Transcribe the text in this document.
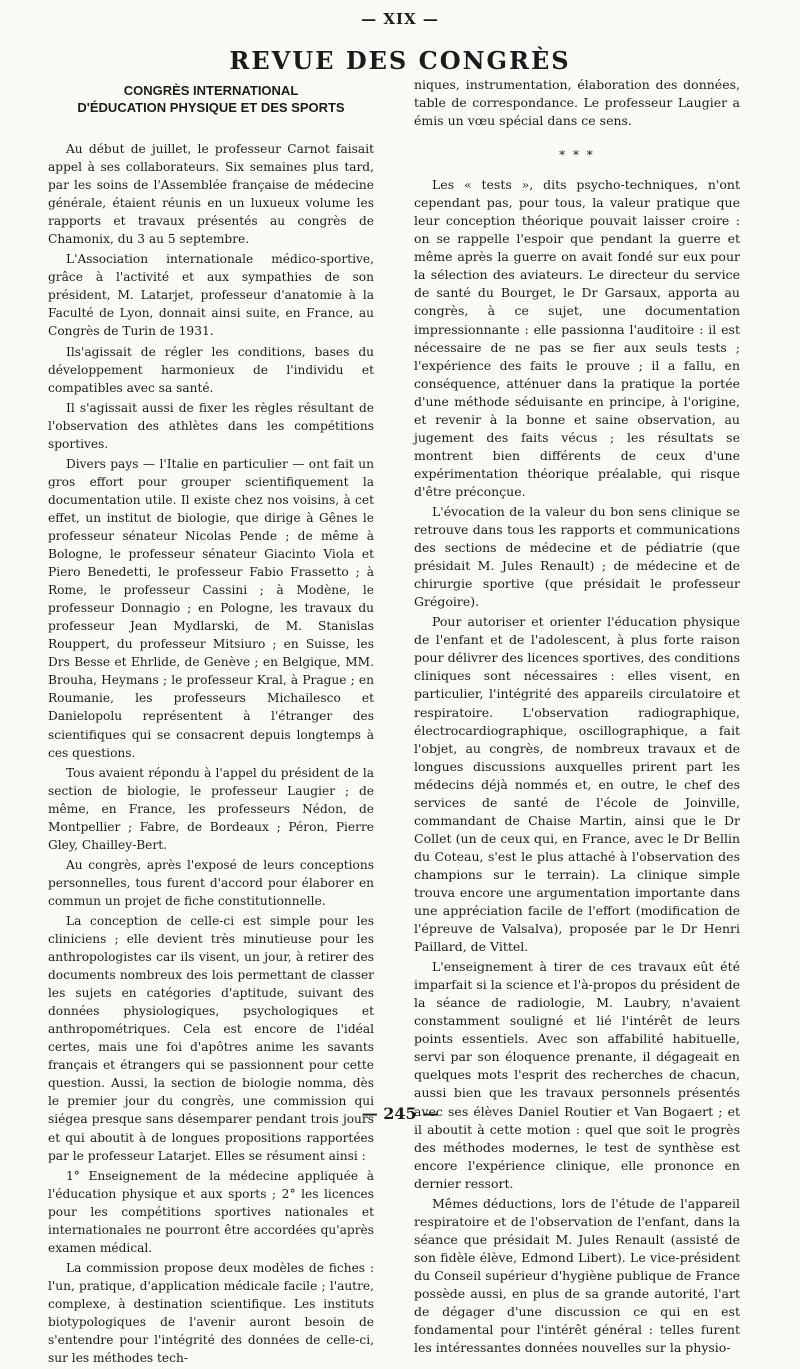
— XIX —
REVUE DES CONGRÈS
CONGRÈS INTERNATIONAL
D'ÉDUCATION PHYSIQUE ET DES SPORTS

Au début de juillet, le professeur Carnot faisait appel à ses collaborateurs. Six semaines plus tard, par les soins de l'Assemblée française de médecine générale, étaient réunis en un luxueux volume les rapports et travaux présentés au congrès de Chamonix, du 3 au 5 septembre.

L'Association internationale médico-sportive, grâce à l'activité et aux sympathies de son président, M. Latarjet, professeur d'anatomie à la Faculté de Lyon, donnait ainsi suite, en France, au Congrès de Turin de 1931.

Ils'agissait de régler les conditions, bases du développement harmonieux de l'individu et compatibles avec sa santé.

Il s'agissait aussi de fixer les règles résultant de l'observation des athlètes dans les compétitions sportives.

Divers pays — l'Italie en particulier — ont fait un gros effort pour grouper scientifiquement la documentation utile. Il existe chez nos voisins, à cet effet, un institut de biologie, que dirige à Gênes le professeur sénateur Nicolas Pende ; de même à Bologne, le professeur sénateur Giacinto Viola et Piero Benedetti, le professeur Fabio Frassetto ; à Rome, le professeur Cassini ; à Modène, le professeur Donnagio ; en Pologne, les travaux du professeur Jean Mydlarski, de M. Stanislas Rouppert, du professeur Mitsiuro ; en Suisse, les Drs Besse et Ehrlide, de Genève ; en Belgique, MM. Brouha, Heymans ; le professeur Kral, à Prague ; en Roumanie, les professeurs Michailesco et Danielopolu représentent à l'étranger des scientifiques qui se consacrent depuis longtemps à ces questions.

Tous avaient répondu à l'appel du président de la section de biologie, le professeur Laugier ; de même, en France, les professeurs Nédon, de Montpellier ; Fabre, de Bordeaux ; Péron, Pierre Gley, Chailley-Bert.

Au congrès, après l'exposé de leurs conceptions personnelles, tous furent d'accord pour élaborer en commun un projet de fiche constitutionnelle.

La conception de celle-ci est simple pour les cliniciens ; elle devient très minutieuse pour les anthropologistes car ils visent, un jour, à retirer des documents nombreux des lois permettant de classer les sujets en catégories d'aptitude, suivant des données physiologiques, psychologiques et anthropométriques. Cela est encore de l'idéal certes, mais une foi d'apôtres anime les savants français et étrangers qui se passionnent pour cette question. Aussi, la section de biologie nomma, dès le premier jour du congrès, une commission qui siégea presque sans désemparer pendant trois jours et qui aboutit à de longues propositions rapportées par le professeur Latarjet. Elles se résument ainsi :

1° Enseignement de la médecine appliquée à l'éducation physique et aux sports ; 2° les licences pour les compétitions sportives nationales et internationales ne pourront être accordées qu'après examen médical.

La commission propose deux modèles de fiches : l'un, pratique, d'application médicale facile ; l'autre, complexe, à destination scientifique. Les instituts biotypologiques de l'avenir auront besoin de s'entendre pour l'intégrité des données de celle-ci, sur les méthodes tech-

niques, instrumentation, élaboration des données, table de correspondance. Le professeur Laugier a émis un vœu spécial dans ce sens.

* * *

Les « tests », dits psycho-techniques, n'ont cependant pas, pour tous, la valeur pratique que leur conception théorique pouvait laisser croire : on se rappelle l'espoir que pendant la guerre et même après la guerre on avait fondé sur eux pour la sélection des aviateurs. Le directeur du service de santé du Bourget, le Dr Garsaux, apporta au congrès, à ce sujet, une documentation impressionnante : elle passionna l'auditoire : il est nécessaire de ne pas se fier aux seuls tests ; l'expérience des faits le prouve ; il a fallu, en conséquence, atténuer dans la pratique la portée d'une méthode séduisante en principe, à l'origine, et revenir à la bonne et saine observation, au jugement des faits vécus ; les résultats se montrent bien différents de ceux d'une expérimentation théorique préalable, qui risque d'être préconçue.

L'évocation de la valeur du bon sens clinique se retrouve dans tous les rapports et communications des sections de médecine et de pédiatrie (que présidait M. Jules Renault) ; de médecine et de chirurgie sportive (que présidait le professeur Grégoire).

Pour autoriser et orienter l'éducation physique de l'enfant et de l'adolescent, à plus forte raison pour délivrer des licences sportives, des conditions cliniques sont nécessaires : elles visent, en particulier, l'intégrité des appareils circulatoire et respiratoire. L'observation radiographique, électrocardiographique, oscillographique, a fait l'objet, au congrès, de nombreux travaux et de longues discussions auxquelles prirent part les médecins déjà nommés et, en outre, le chef des services de santé de l'école de Joinville, commandant de Chaise Martin, ainsi que le Dr Collet (un de ceux qui, en France, avec le Dr Bellin du Coteau, s'est le plus attaché à l'observation des champions sur le terrain). La clinique simple trouva encore une argumentation importante dans une appréciation facile de l'effort (modification de l'épreuve de Valsalva), proposée par le Dr Henri Paillard, de Vittel.

L'enseignement à tirer de ces travaux eût été imparfait si la science et l'à-propos du président de la séance de radiologie, M. Laubry, n'avaient constamment souligné et lié l'intérêt de leurs points essentiels. Avec son affabilité habituelle, servi par son éloquence prenante, il dégageait en quelques mots l'esprit des recherches de chacun, aussi bien que les travaux personnels présentés avec ses élèves Daniel Routier et Van Bogaert ; et il aboutit à cette motion : quel que soit le progrès des méthodes modernes, le test de synthèse est encore l'expérience clinique, elle prononce en dernier ressort.

Mêmes déductions, lors de l'étude de l'appareil respiratoire et de l'observation de l'enfant, dans la séance que présidait M. Jules Renault (assisté de son fidèle élève, Edmond Libert). Le vice-président du Conseil supérieur d'hygiène publique de France possède aussi, en plus de sa grande autorité, l'art de dégager d'une discussion ce qui en est fondamental pour l'intérêt général : telles furent les intéressantes données nouvelles sur la physio-

— 245 —
